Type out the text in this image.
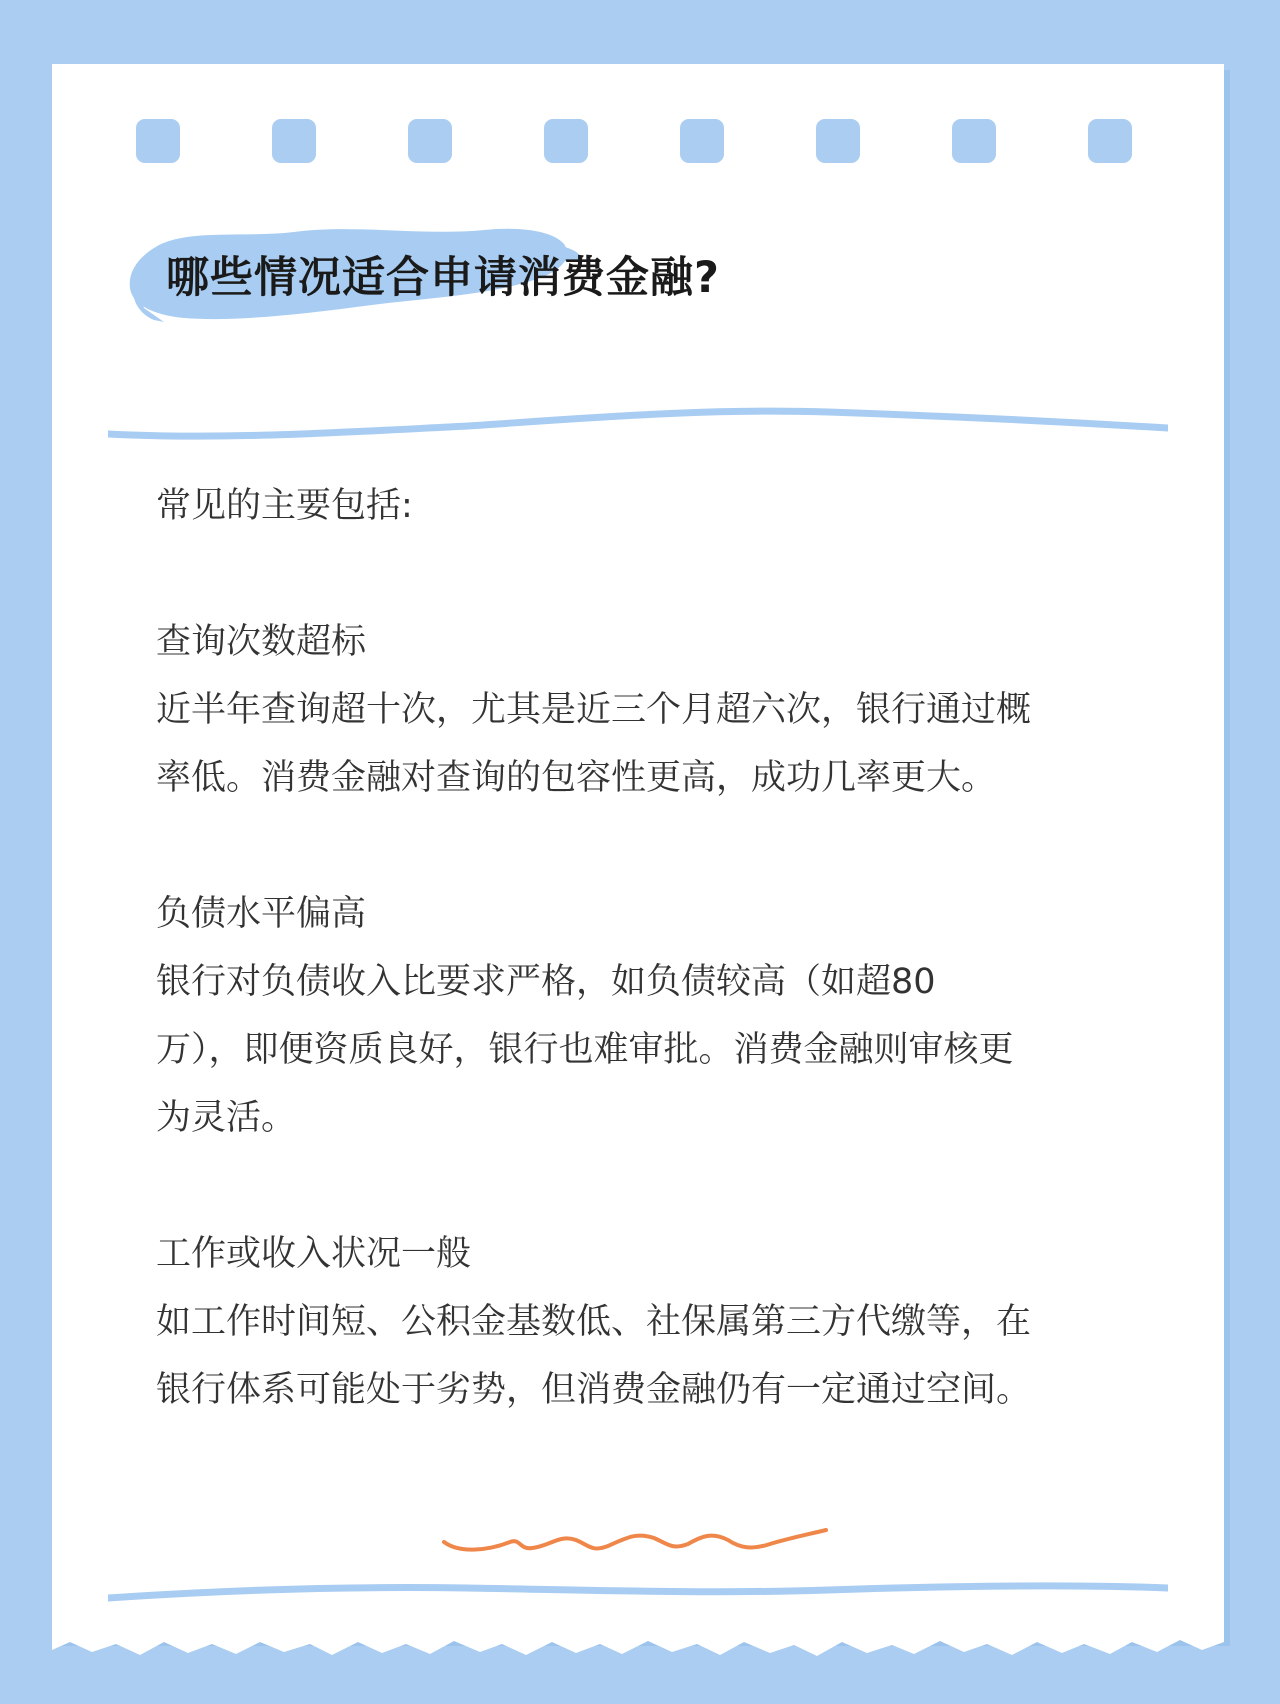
哪些情况适合申请消费金融?

常见的主要包括:

查询次数超标

近半年查询超十次，尤其是近三个月超六次，银行通过概

率低。消费金融对查询的包容性更高，成功几率更大。

负债水平偏高

银行对负债收入比要求严格，如负债较高（如超80

万），即便资质良好，银行也难审批。消费金融则审核更

为灵活。

工作或收入状况一般

如工作时间短、公积金基数低、社保属第三方代缴等，在

银行体系可能处于劣势，但消费金融仍有一定通过空间。
